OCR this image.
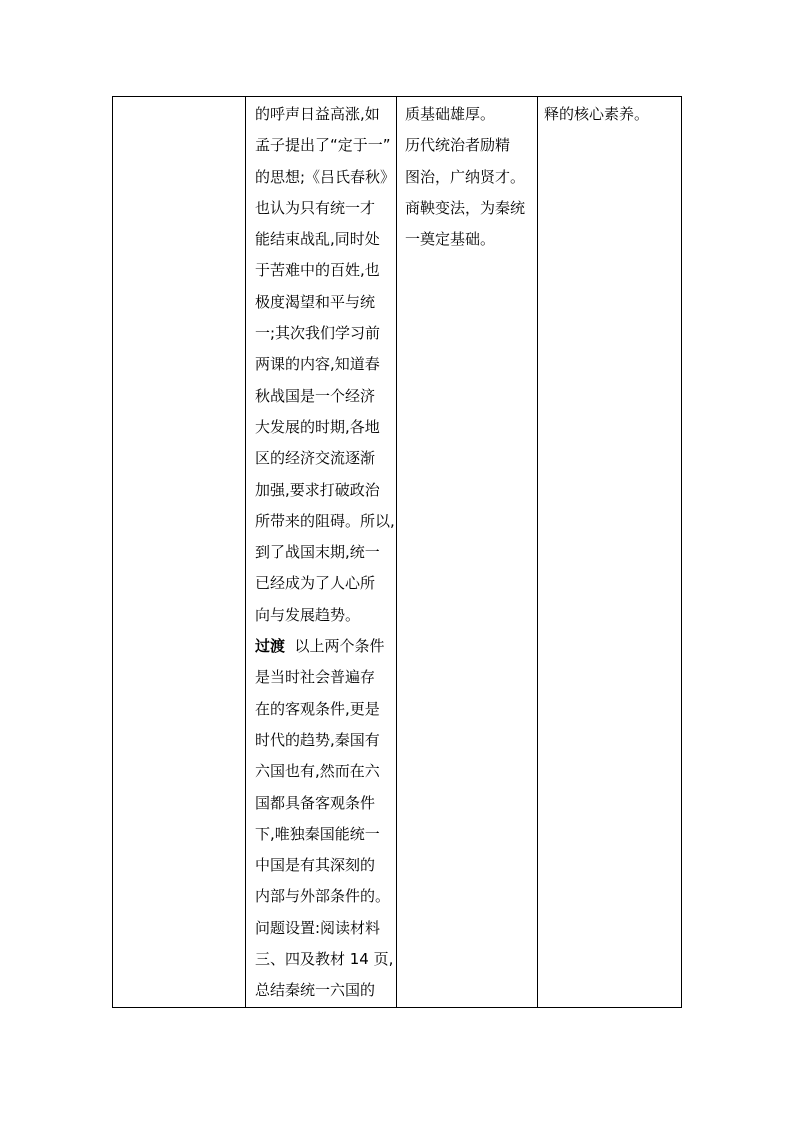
的呼声日益高涨,如
孟子提出了“定于一”
的思想;《吕氏春秋》
也认为只有统一才
能结束战乱,同时处
于苦难中的百姓,也
极度渴望和平与统
一;其次我们学习前
两课的内容,知道春
秋战国是一个经济
大发展的时期,各地
区的经济交流逐渐
加强,要求打破政治
所带来的阻碍。所以,
到了战国末期,统一
已经成为了人心所
向与发展趋势。
过渡  以上两个条件
是当时社会普遍存
在的客观条件,更是
时代的趋势,秦国有
六国也有,然而在六
国都具备客观条件
下,唯独秦国能统一
中国是有其深刻的
内部与外部条件的。
问题设置:阅读材料
三、四及教材 14 页,
总结秦统一六国的

质基础雄厚。
历代统治者励精
图治，广纳贤才。
商鞅变法，为秦统
一奠定基础。

释的核心素养。
